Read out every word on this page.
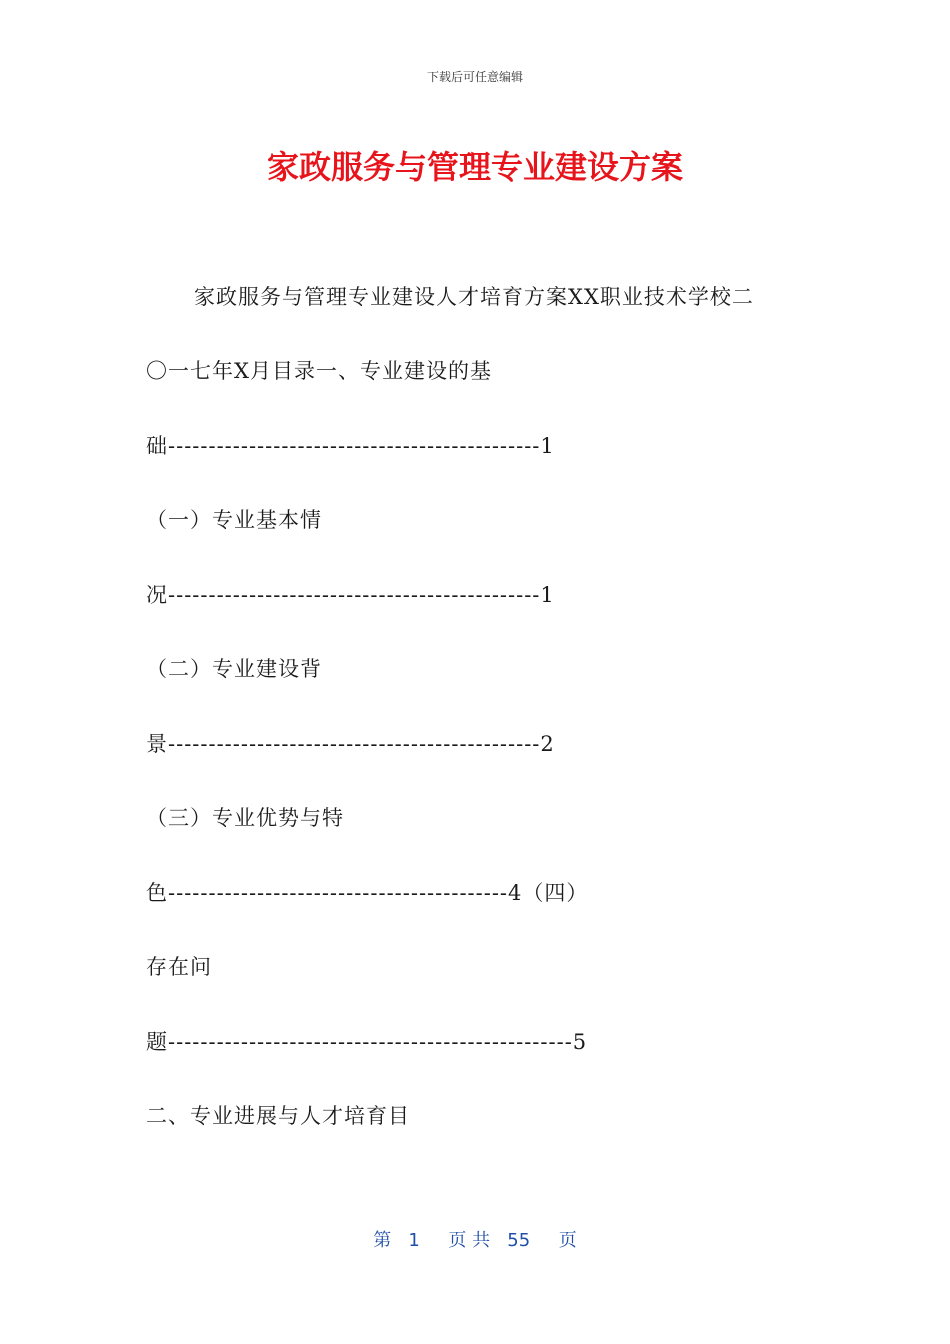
下载后可任意编辑
家政服务与管理专业建设方案
家政服务与管理专业建设人才培育方案XX职业技术学校二
〇一七年X月目录一、专业建设的基
础----------------------------------------------1
（一）专业基本情
况----------------------------------------------1
（二）专业建设背
景----------------------------------------------2
（三）专业优势与特
色------------------------------------------4（四）
存在问
题--------------------------------------------------5
二、专业进展与人才培育目
第   1     页 共   55     页
